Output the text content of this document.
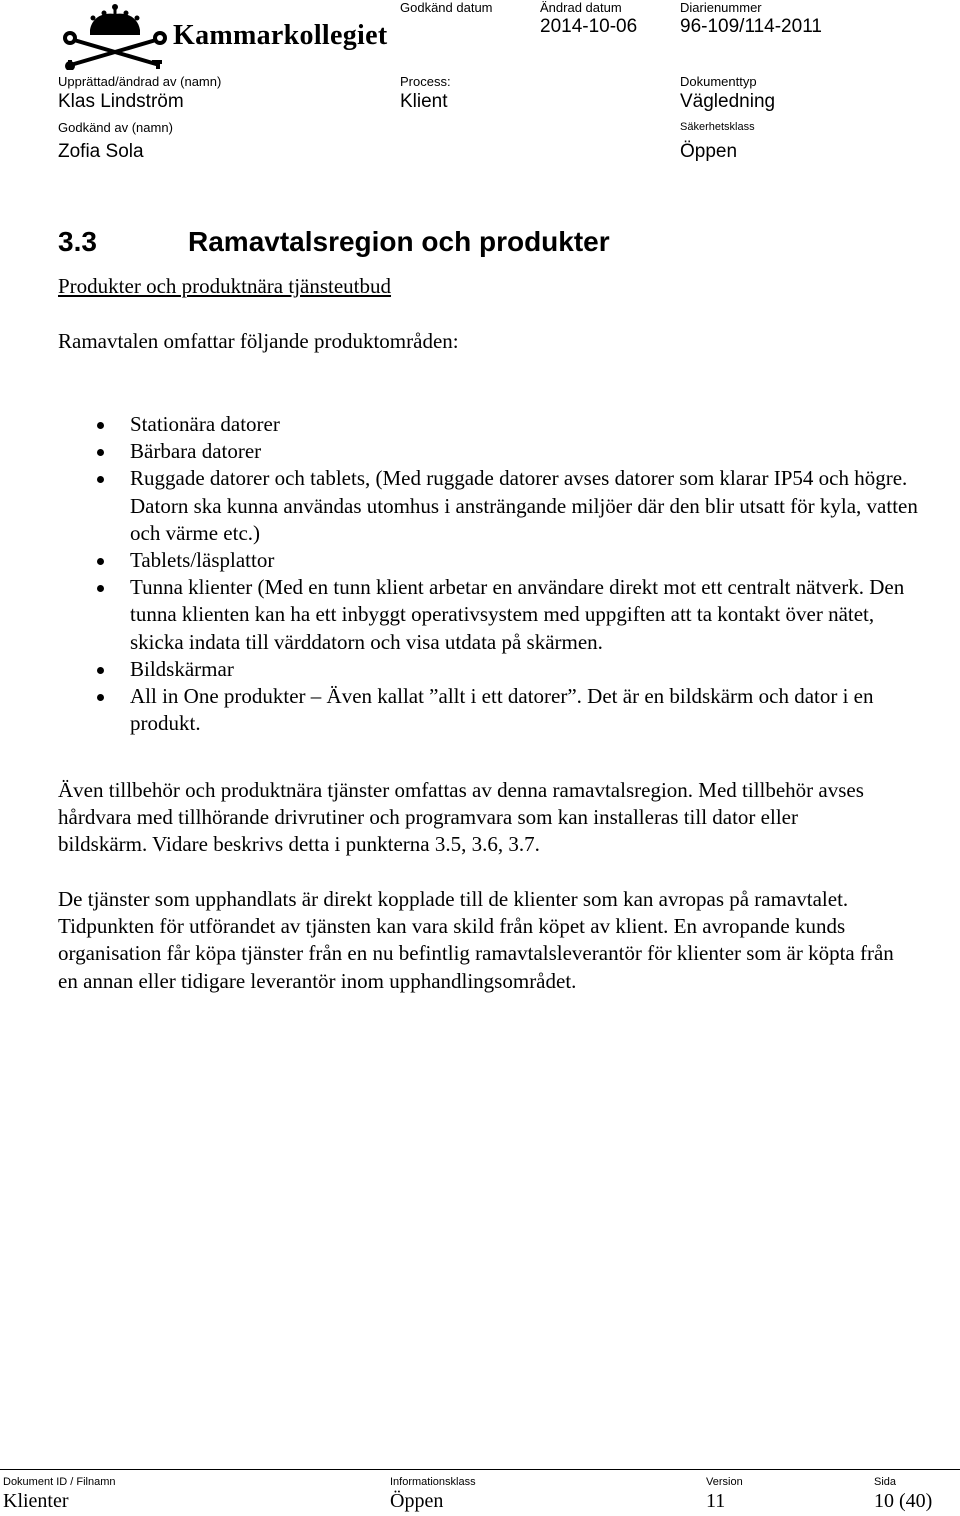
Kammarkollegiet
Godkänd datum	Ändrad datum
2014-10-06
Diarienummer
96-109/114-2011
Upprättad/ändrad av (namn)
Klas Lindström
Process:
Klient
Dokumenttyp
Vägledning
Godkänd av (namn)
Zofia Sola
Säkerhetsklass
Öppen
3.3	Ramavtalsregion och produkter
Produkter och produktnära tjänsteutbud
Ramavtalen omfattar följande produktområden:
Stationära datorer
Bärbara datorer
Ruggade datorer och tablets, (Med ruggade datorer avses datorer som klarar IP54 och högre. Datorn ska kunna användas utomhus i ansträngande miljöer där den blir utsatt för kyla, vatten och värme etc.)
Tablets/läsplattor
Tunna klienter (Med en tunn klient arbetar en användare direkt mot ett centralt nätverk. Den tunna klienten kan ha ett inbyggt operativsystem med uppgiften att ta kontakt över nätet, skicka indata till värddatorn och visa utdata på skärmen.
Bildskärmar
All in One produkter – Även kallat ”allt i ett datorer”. Det är en bildskärm och dator i en produkt.
Även tillbehör och produktnära tjänster omfattas av denna ramavtalsregion. Med tillbehör avses hårdvara med tillhörande drivrutiner och programvara som kan installeras till dator eller bildskärm. Vidare beskrivs detta i punkterna 3.5, 3.6, 3.7.
De tjänster som upphandlats är direkt kopplade till de klienter som kan avropas på ramavtalet. Tidpunkten för utförandet av tjänsten kan vara skild från köpet av klient. En avropande kunds organisation får köpa tjänster från en nu befintlig ramavtalsleverantör för klienter som är köpta från en annan eller tidigare leverantör inom upphandlingsområdet.
Dokument ID / Filnamn
Klienter
Informationsklass
Öppen
Version
11
Sida
10 (40)
